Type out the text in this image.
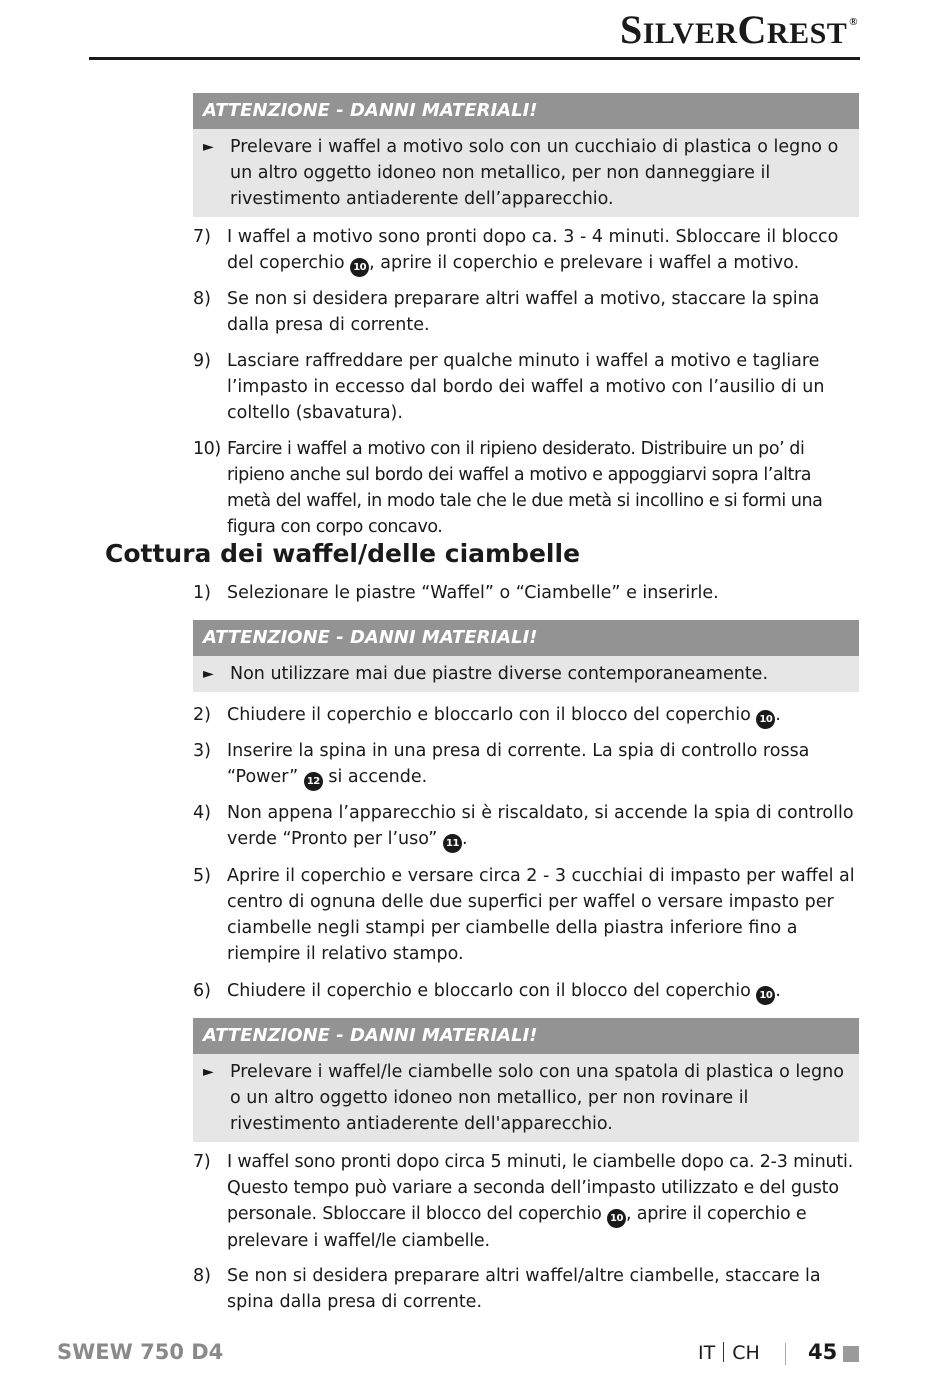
SILVERCREST ®
ATTENZIONE - DANNI MATERIALI!
► Prelevare i waffel a motivo solo con un cucchiaio di plastica o legno o un altro oggetto idoneo non metallico, per non danneggiare il rivestimento antiaderente dell’apparecchio.
7) I waffel a motivo sono pronti dopo ca. 3 - 4 minuti. Sbloccare il blocco del coperchio 10 , aprire il coperchio e prelevare i waffel a motivo.
8) Se non si desidera preparare altri waffel a motivo, staccare la spina dalla presa di corrente.
9) Lasciare raffreddare per qualche minuto i waffel a motivo e tagliare l’impasto in eccesso dal bordo dei waffel a motivo con l’ausilio di un coltello (sbavatura).
10) Farcire i waffel a motivo con il ripieno desiderato. Distribuire un po’ di ripieno anche sul bordo dei waffel a motivo e appoggiarvi sopra l’altra metà del waffel, in modo tale che le due metà si incollino e si formi una figura con corpo concavo.
Cottura dei waffel/delle ciambelle
1) Selezionare le piastre “Waffel” o “Ciambelle” e inserirle.
ATTENZIONE - DANNI MATERIALI!
► Non utilizzare mai due piastre diverse contemporaneamente.
2) Chiudere il coperchio e bloccarlo con il blocco del coperchio 10 .
3) Inserire la spina in una presa di corrente. La spia di controllo rossa “Power” 12 si accende.
4) Non appena l’apparecchio si è riscaldato, si accende la spia di controllo verde “Pronto per l’uso” 11 .
5) Aprire il coperchio e versare circa 2 - 3 cucchiai di impasto per waffel al centro di ognuna delle due superfici per waffel o versare impasto per ciambelle negli stampi per ciambelle della piastra inferiore fino a riempire il relativo stampo.
6) Chiudere il coperchio e bloccarlo con il blocco del coperchio 10 .
ATTENZIONE - DANNI MATERIALI!
► Prelevare i waffel/le ciambelle solo con una spatola di plastica o legno o un altro oggetto idoneo non metallico, per non rovinare il rivestimento antiaderente dell'apparecchio.
7) I waffel sono pronti dopo circa 5 minuti, le ciambelle dopo ca. 2-3 minuti. Questo tempo può variare a seconda dell’impasto utilizzato e del gusto personale. Sbloccare il blocco del coperchio 10 , aprire il coperchio e prelevare i waffel/le ciambelle.
8) Se non si desidera preparare altri waffel/altre ciambelle, staccare la spina dalla presa di corrente.
SWEW 750 D4	IT CH 45
